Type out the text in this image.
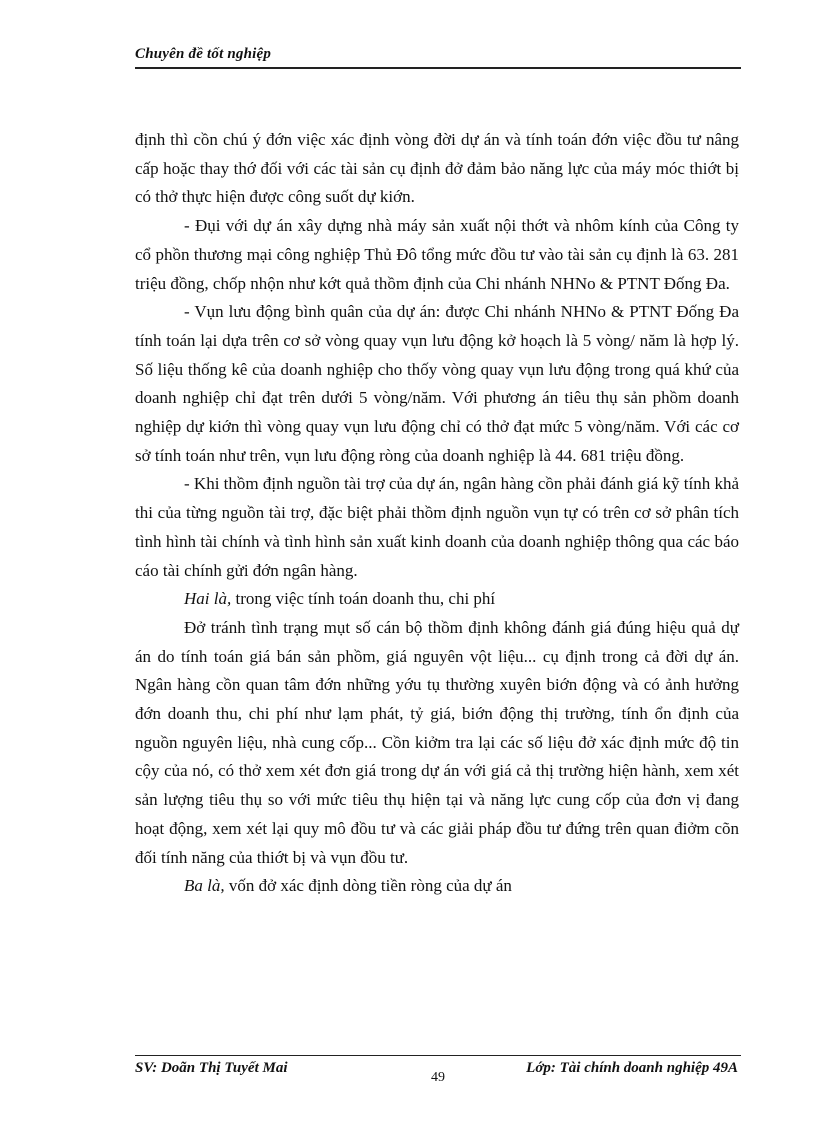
Chuyên đề tốt nghiệp

định thì cồn chú ý đớn việc xác định vòng đời dự án và tính toán đớn việc đồu tư nâng cấp hoặc thay thớ đối với các tài sản cụ định đở đảm bảo năng lực của máy móc thiớt bị có thở thực hiện được công suốt dự kiớn.

- Đụi với dự án xây dựng nhà máy sản xuất nội thớt và nhôm kính của Công ty cổ phồn thương mại công nghiệp Thủ Đô tổng mức đồu tư vào tài sản cụ định là 63. 281 triệu đồng, chốp nhộn như kớt quả thồm định của Chi nhánh NHNo & PTNT Đống Đa.

- Vụn lưu động bình quân của dự án: được Chi nhánh NHNo & PTNT Đống Đa tính toán lại dựa trên cơ sở vòng quay vụn lưu động kở hoạch là 5 vòng/ năm là hợp lý. Số liệu thống kê của doanh nghiệp cho thốy vòng quay vụn lưu động trong quá khứ của doanh nghiệp chỉ đạt trên dưới 5 vòng/năm. Với phương án tiêu thụ sản phồm doanh nghiệp dự kiớn thì vòng quay vụn lưu động chỉ có thở đạt mức 5 vòng/năm. Với các cơ sở tính toán như trên, vụn lưu động ròng của doanh nghiệp là 44. 681 triệu đồng.

- Khi thồm định nguồn tài trợ của dự án, ngân hàng cồn phải đánh giá kỹ tính khả thi của từng nguồn tài trợ, đặc biệt phải thồm định nguồn vụn tự có trên cơ sở phân tích tình hình tài chính và tình hình sản xuất kinh doanh của doanh nghiệp thông qua các báo cáo tài chính gửi đớn ngân hàng.

Hai là, trong việc tính toán doanh thu, chi phí

Đở tránh tình trạng mụt số cán bộ thồm định không đánh giá đúng hiệu quả dự án do tính toán giá bán sản phồm, giá nguyên vột liệu... cụ định trong cả đời dự án. Ngân hàng cồn quan tâm đớn những yớu tụ thường xuyên biớn động và có ảnh hưởng đớn doanh thu, chi phí như lạm phát, tỷ giá, biớn động thị trường, tính ổn định của nguồn nguyên liệu, nhà cung cốp... Cồn kiởm tra lại các số liệu đở xác định mức độ tin cộy của nó, có thở xem xét đơn giá trong dự án với giá cả thị trường hiện hành, xem xét sản lượng tiêu thụ so với mức tiêu thụ hiện tại và năng lực cung cốp của đơn vị đang hoạt động, xem xét lại quy mô đồu tư và các giải pháp đồu tư đứng trên quan điởm cõn đối tính năng của thiớt bị và vụn đồu tư.

Ba là, vốn đở xác định dòng tiền ròng của dự án

SV: Doãn Thị Tuyết Mai	Lớp: Tài chính doanh nghiệp 49A
49
